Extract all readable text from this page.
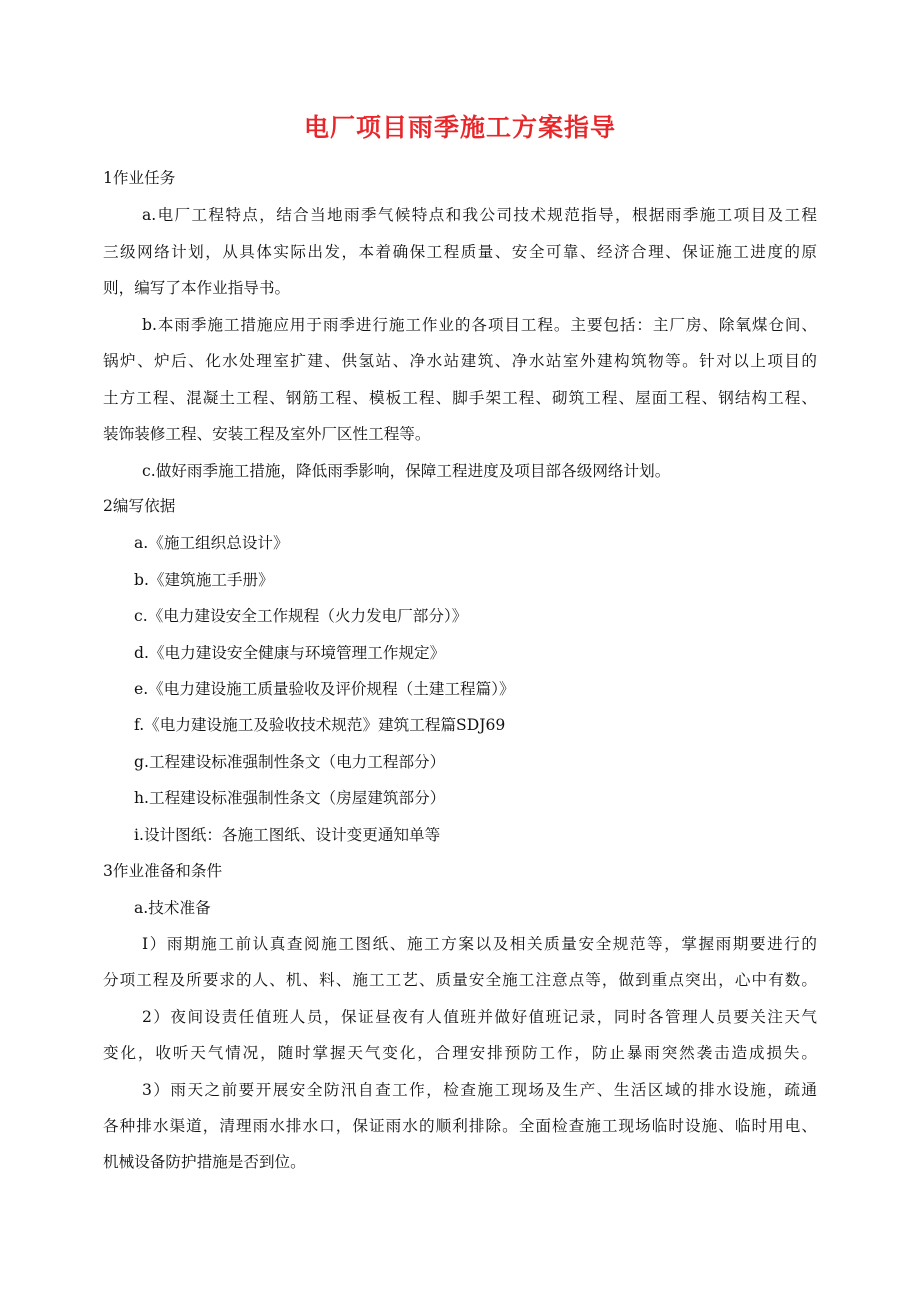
电厂项目雨季施工方案指导
1作业任务
a.电厂工程特点，结合当地雨季气候特点和我公司技术规范指导，根据雨季施工项目及工程
三级网络计划，从具体实际出发，本着确保工程质量、安全可靠、经济合理、保证施工进度的原
则，编写了本作业指导书。
b.本雨季施工措施应用于雨季进行施工作业的各项目工程。主要包括：主厂房、除氧煤仓间、
锅炉、炉后、化水处理室扩建、供氢站、净水站建筑、净水站室外建构筑物等。针对以上项目的
土方工程、混凝土工程、钢筋工程、模板工程、脚手架工程、砌筑工程、屋面工程、钢结构工程、
装饰装修工程、安装工程及室外厂区性工程等。
c.做好雨季施工措施，降低雨季影响，保障工程进度及项目部各级网络计划。
2编写依据
a.《施工组织总设计》
b.《建筑施工手册》
c.《电力建设安全工作规程（火力发电厂部分）》
d.《电力建设安全健康与环境管理工作规定》
e.《电力建设施工质量验收及评价规程（土建工程篇）》
f.《电力建设施工及验收技术规范》建筑工程篇SDJ69
g.工程建设标准强制性条文（电力工程部分）
h.工程建设标准强制性条文（房屋建筑部分）
i.设计图纸：各施工图纸、设计变更通知单等
3作业准备和条件
a.技术准备
I）雨期施工前认真查阅施工图纸、施工方案以及相关质量安全规范等，掌握雨期要进行的
分项工程及所要求的人、机、料、施工工艺、质量安全施工注意点等，做到重点突出，心中有数。
2）夜间设责任值班人员，保证昼夜有人值班并做好值班记录，同时各管理人员要关注天气
变化，收听天气情况，随时掌握天气变化，合理安排预防工作，防止暴雨突然袭击造成损失。
3）雨天之前要开展安全防汛自查工作，检查施工现场及生产、生活区域的排水设施，疏通
各种排水渠道，清理雨水排水口，保证雨水的顺利排除。全面检查施工现场临时设施、临时用电、
机械设备防护措施是否到位。
